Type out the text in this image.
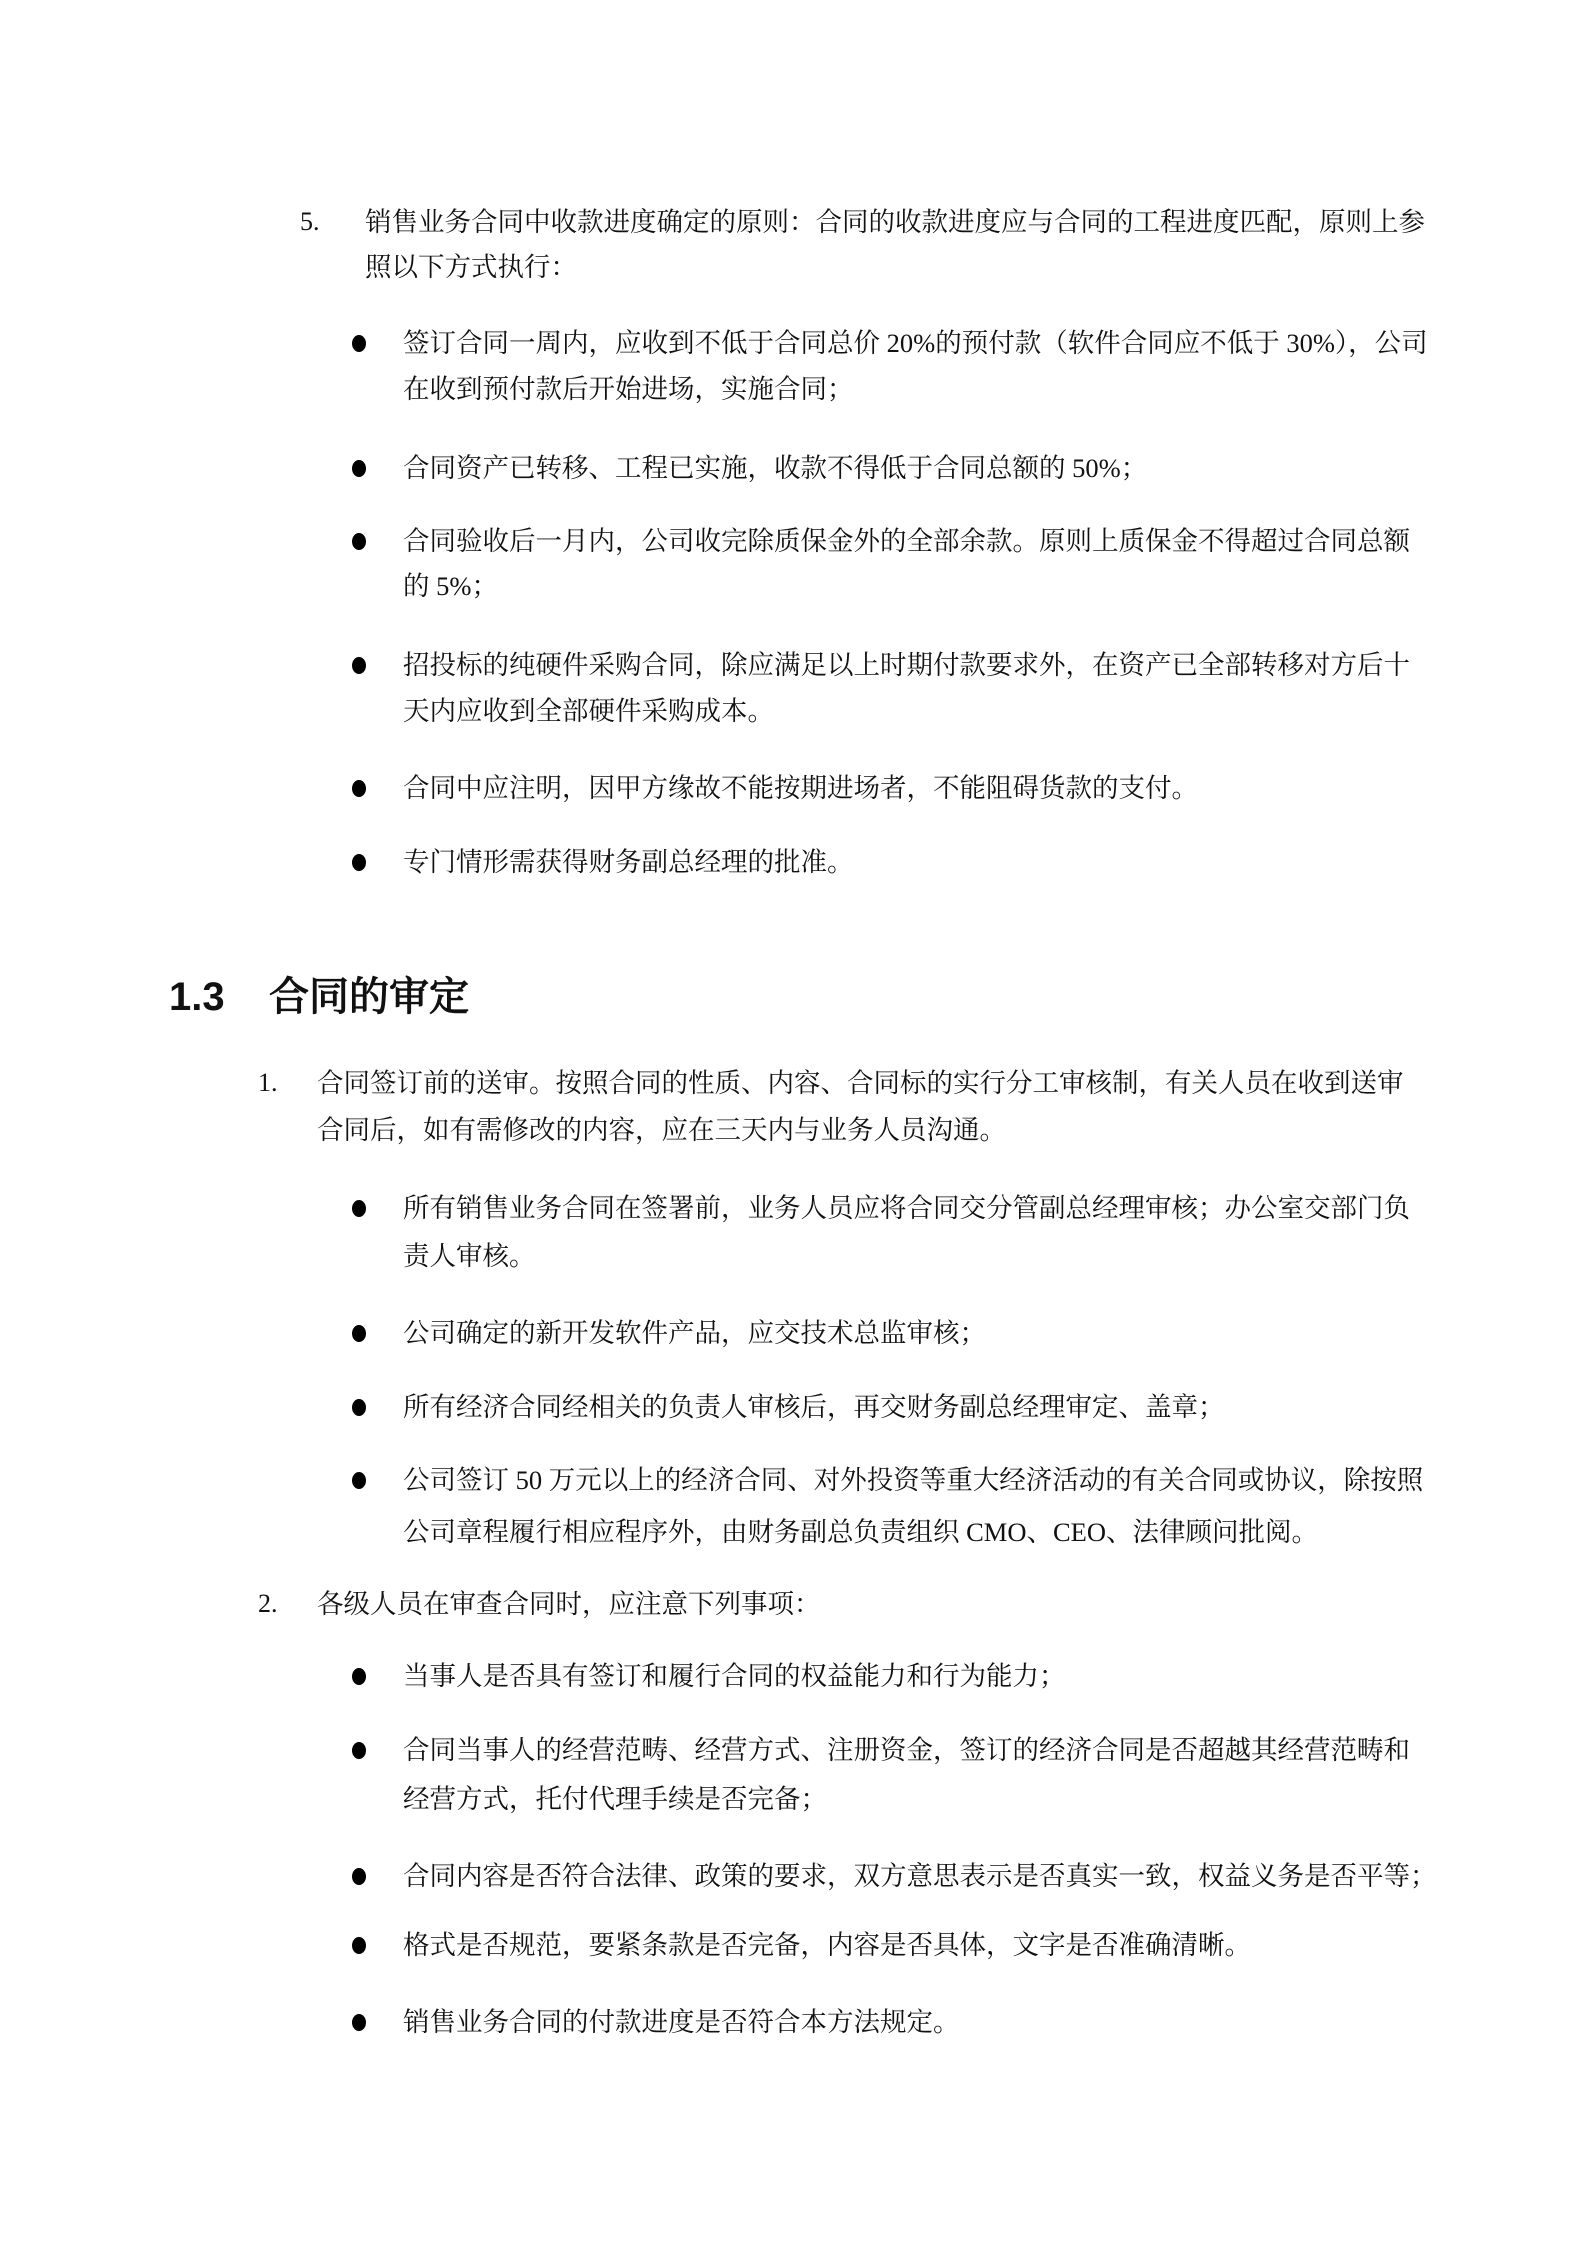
5. 销售业务合同中收款进度确定的原则：合同的收款进度应与合同的工程进度匹配，原则上参
照以下方式执行：
签订合同一周内，应收到不低于合同总价 20%的预付款（软件合同应不低于 30%），公司
在收到预付款后开始进场，实施合同；
合同资产已转移、工程已实施，收款不得低于合同总额的 50%；
合同验收后一月内，公司收完除质保金外的全部余款。原则上质保金不得超过合同总额
的 5%；
招投标的纯硬件采购合同，除应满足以上时期付款要求外，在资产已全部转移对方后十
天内应收到全部硬件采购成本。
合同中应注明，因甲方缘故不能按期进场者，不能阻碍货款的支付。
专门情形需获得财务副总经理的批准。
1.3 合同的审定
1. 合同签订前的送审。按照合同的性质、内容、合同标的实行分工审核制，有关人员在收到送审
合同后，如有需修改的内容，应在三天内与业务人员沟通。
所有销售业务合同在签署前，业务人员应将合同交分管副总经理审核；办公室交部门负
责人审核。
公司确定的新开发软件产品，应交技术总监审核；
所有经济合同经相关的负责人审核后，再交财务副总经理审定、盖章；
公司签订 50 万元以上的经济合同、对外投资等重大经济活动的有关合同或协议，除按照
公司章程履行相应程序外，由财务副总负责组织 CMO、CEO、法律顾问批阅。
2. 各级人员在审查合同时，应注意下列事项：
当事人是否具有签订和履行合同的权益能力和行为能力；
合同当事人的经营范畴、经营方式、注册资金，签订的经济合同是否超越其经营范畴和
经营方式，托付代理手续是否完备；
合同内容是否符合法律、政策的要求，双方意思表示是否真实一致，权益义务是否平等；
格式是否规范，要紧条款是否完备，内容是否具体，文字是否准确清晰。
销售业务合同的付款进度是否符合本方法规定。
